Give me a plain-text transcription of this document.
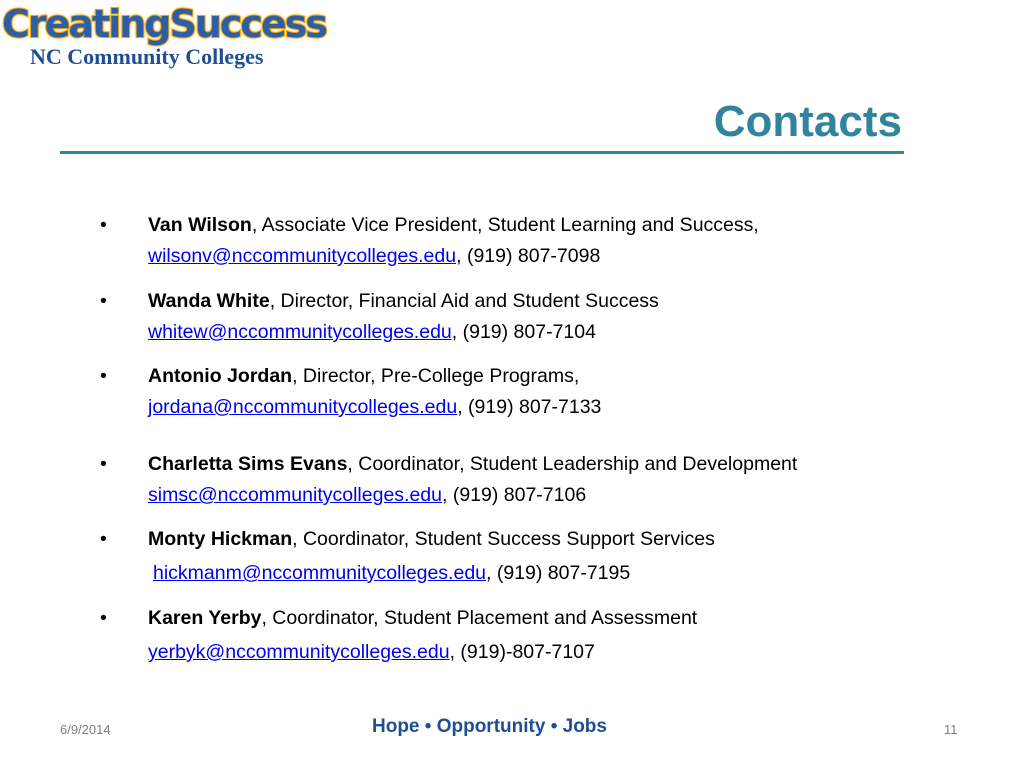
CreatingSuccess
NC Community Colleges
Contacts
•	Van Wilson, Associate Vice President, Student Learning and Success,
wilsonv@nccommunitycolleges.edu, (919) 807-7098
•	Wanda White, Director, Financial Aid and Student Success
whitew@nccommunitycolleges.edu, (919) 807-7104
•	Antonio Jordan, Director, Pre-College Programs,
jordana@nccommunitycolleges.edu, (919) 807-7133
•	Charletta Sims Evans, Coordinator, Student Leadership and Development
simsc@nccommunitycolleges.edu, (919) 807-7106
•	Monty Hickman, Coordinator, Student Success Support Services
hickmanm@nccommunitycolleges.edu, (919) 807-7195
•	Karen Yerby, Coordinator, Student Placement and Assessment
yerbyk@nccommunitycolleges.edu, (919)-807-7107
6/9/2014	Hope • Opportunity • Jobs	11
